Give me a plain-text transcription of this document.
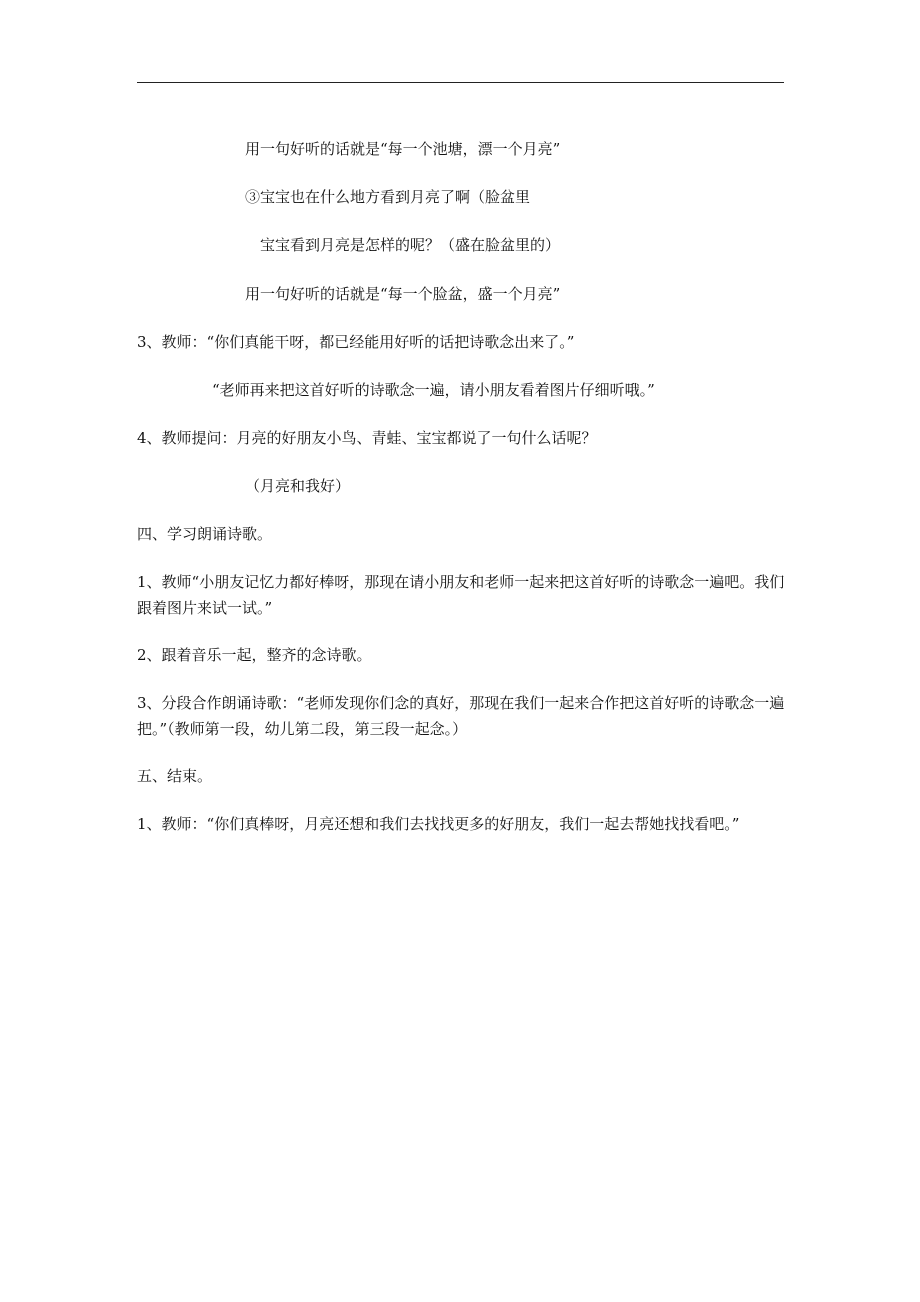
用一句好听的话就是“每一个池塘，漂一个月亮”
③宝宝也在什么地方看到月亮了啊（脸盆里
宝宝看到月亮是怎样的呢？（盛在脸盆里的）
用一句好听的话就是“每一个脸盆，盛一个月亮”
3、教师：“你们真能干呀，都已经能用好听的话把诗歌念出来了。”
“老师再来把这首好听的诗歌念一遍，请小朋友看着图片仔细听哦。”
4、教师提问：月亮的好朋友小鸟、青蛙、宝宝都说了一句什么话呢？
（月亮和我好）
四、学习朗诵诗歌。
1、教师“小朋友记忆力都好棒呀，那现在请小朋友和老师一起来把这首好听的诗歌念一遍吧。我们跟着图片来试一试。”
2、跟着音乐一起，整齐的念诗歌。
3、分段合作朗诵诗歌：“老师发现你们念的真好，那现在我们一起来合作把这首好听的诗歌念一遍把。”（教师第一段，幼儿第二段，第三段一起念。）
五、结束。
1、教师：“你们真棒呀，月亮还想和我们去找找更多的好朋友，我们一起去帮她找找看吧。”
